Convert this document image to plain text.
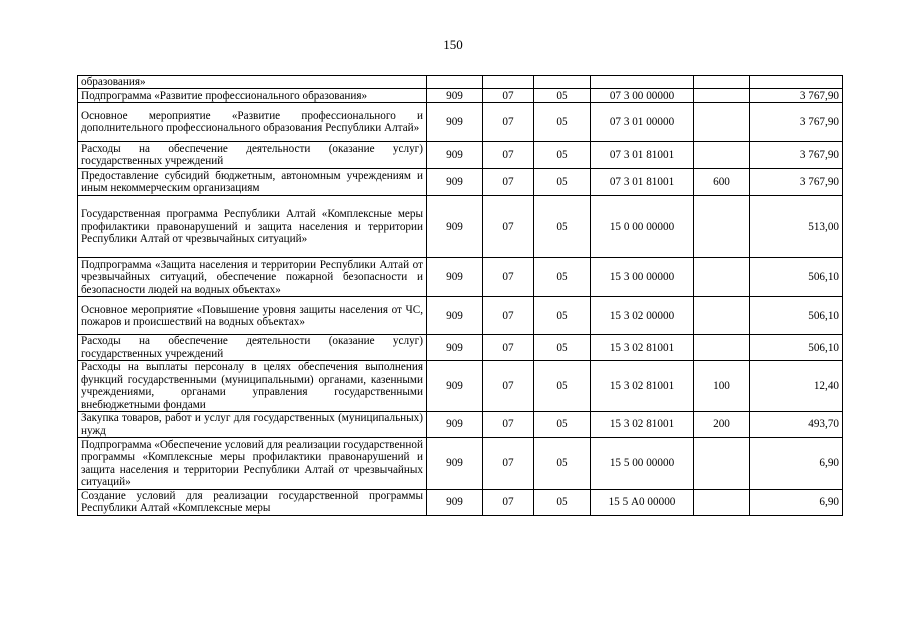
150
образования»						
Подпрограмма «Развитие профессионального образования»	909	07	05	07 3 00 00000		3 767,90
Основное мероприятие «Развитие профессионального и дополнительного профессионального образования Республики Алтай»	909	07	05	07 3 01 00000		3 767,90
Расходы на обеспечение деятельности (оказание услуг) государственных учреждений	909	07	05	07 3 01 81001		3 767,90
Предоставление субсидий бюджетным, автономным учреждениям и иным некоммерческим организациям	909	07	05	07 3 01 81001	600	3 767,90
Государственная программа Республики Алтай «Комплексные меры профилактики правонарушений и защита населения и территории Республики Алтай от чрезвычайных ситуаций»	909	07	05	15 0 00 00000		513,00
Подпрограмма «Защита населения и территории Республики Алтай от чрезвычайных ситуаций, обеспечение пожарной безопасности и безопасности людей на водных объектах»	909	07	05	15 3 00 00000		506,10
Основное мероприятие «Повышение уровня защиты населения от ЧС, пожаров и происшествий на водных объектах»	909	07	05	15 3 02 00000		506,10
Расходы на обеспечение деятельности (оказание услуг) государственных учреждений	909	07	05	15 3 02 81001		506,10
Расходы на выплаты персоналу в целях обеспечения выполнения функций государственными (муниципальными) органами, казенными учреждениями, органами управления государственными внебюджетными фондами	909	07	05	15 3 02 81001	100	12,40
Закупка товаров, работ и услуг для государственных (муниципальных) нужд	909	07	05	15 3 02 81001	200	493,70
Подпрограмма «Обеспечение условий для реализации государственной программы «Комплексные меры профилактики правонарушений и защита населения и территории Республики Алтай от чрезвычайных ситуаций»	909	07	05	15 5 00 00000		6,90
Создание условий для реализации государственной программы Республики Алтай «Комплексные меры	909	07	05	15 5 А0 00000		6,90
